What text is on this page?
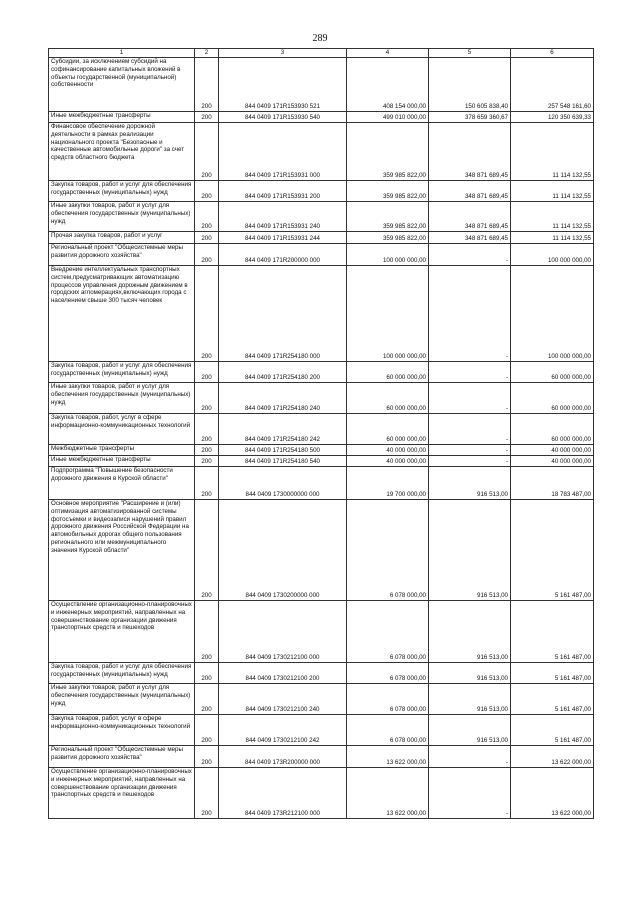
289
1	2	3	4	5	6
Субсидии, за исключением субсидий на софинансирование капитальных вложений в объекты государственной (муниципальной) собственности	200	844 0409 171R153930 521	408 154 000,00	150 605 838,40	257 548 161,60
Иные межбюджетные трансферты	200	844 0409 171R153930 540	499 010 000,00	378 659 360,67	120 350 639,33
Финансовое обеспечение дорожной деятельности в рамках реализации национального проекта "Безопасные и качественные автомобильные дороги" за счет средств областного бюджета	200	844 0409 171R153931 000	359 985 822,00	348 871 689,45	11 114 132,55
Закупка товаров, работ и услуг для обеспечения государственных (муниципальных) нужд	200	844 0409 171R153931 200	359 985 822,00	348 871 689,45	11 114 132,55
Иные закупки товаров, работ и услуг для обеспечения государственных (муниципальных) нужд	200	844 0409 171R153931 240	359 985 822,00	348 871 689,45	11 114 132,55
Прочая закупка товаров, работ и услуг	200	844 0409 171R153931 244	359 985 822,00	348 871 689,45	11 114 132,55
Региональный проект "Общесистемные меры развития дорожного хозяйства"	200	844 0409 171R200000 000	100 000 000,00	-	100 000 000,00
Внедрение интеллектуальных транспортных систем,предусматривающих автоматизацию процессов управления дорожным движением в городских агломерациях,включающих города с населением свыше 300 тысяч человек	200	844 0409 171R254180 000	100 000 000,00	-	100 000 000,00
Закупка товаров, работ и услуг для обеспечения государственных (муниципальных) нужд	200	844 0409 171R254180 200	60 000 000,00	-	60 000 000,00
Иные закупки товаров, работ и услуг для обеспечения государственных (муниципальных) нужд	200	844 0409 171R254180 240	60 000 000,00	-	60 000 000,00
Закупка товаров, работ, услуг в сфере информационно-коммуникационных технологий	200	844 0409 171R254180 242	60 000 000,00	-	60 000 000,00
Межбюджетные трансферты	200	844 0409 171R254180 500	40 000 000,00	-	40 000 000,00
Иные межбюджетные трансферты	200	844 0409 171R254180 540	40 000 000,00	-	40 000 000,00
Подпрограмма "Повышение безопасности дорожного движения в Курской области"	200	844 0409 1730000000 000	19 700 000,00	916 513,00	18 783 487,00
Основное мероприятие "Расширение и (или) оптимизация автоматизированной системы фотосъемки и видеозаписи нарушений правил дорожного движения Российской Федерации на автомобильных дорогах общего пользования регионального или межмуниципального значения Курской области"	200	844 0409 1730200000 000	6 078 000,00	916 513,00	5 161 487,00
Осуществление организационно-планировочных и инженерных мероприятий, направленных на совершенствование организации движения транспортных средств и пешеходов	200	844 0409 1730212100 000	6 078 000,00	916 513,00	5 161 487,00
Закупка товаров, работ и услуг для обеспечения государственных (муниципальных) нужд	200	844 0409 1730212100 200	6 078 000,00	916 513,00	5 161 487,00
Иные закупки товаров, работ и услуг для обеспечения государственных (муниципальных) нужд	200	844 0409 1730212100 240	6 078 000,00	916 513,00	5 161 487,00
Закупка товаров, работ, услуг в сфере информационно-коммуникационных технологий	200	844 0409 1730212100 242	6 078 000,00	916 513,00	5 161 487,00
Региональный проект "Общесистемные меры развития дорожного хозяйства"	200	844 0409 173R200000 000	13 622 000,00	-	13 622 000,00
Осуществление организационно-планировочных и инженерных мероприятий, направленных на совершенствование организации движения транспортных средств и пешеходов	200	844 0409 173R212100 000	13 622 000,00	-	13 622 000,00
